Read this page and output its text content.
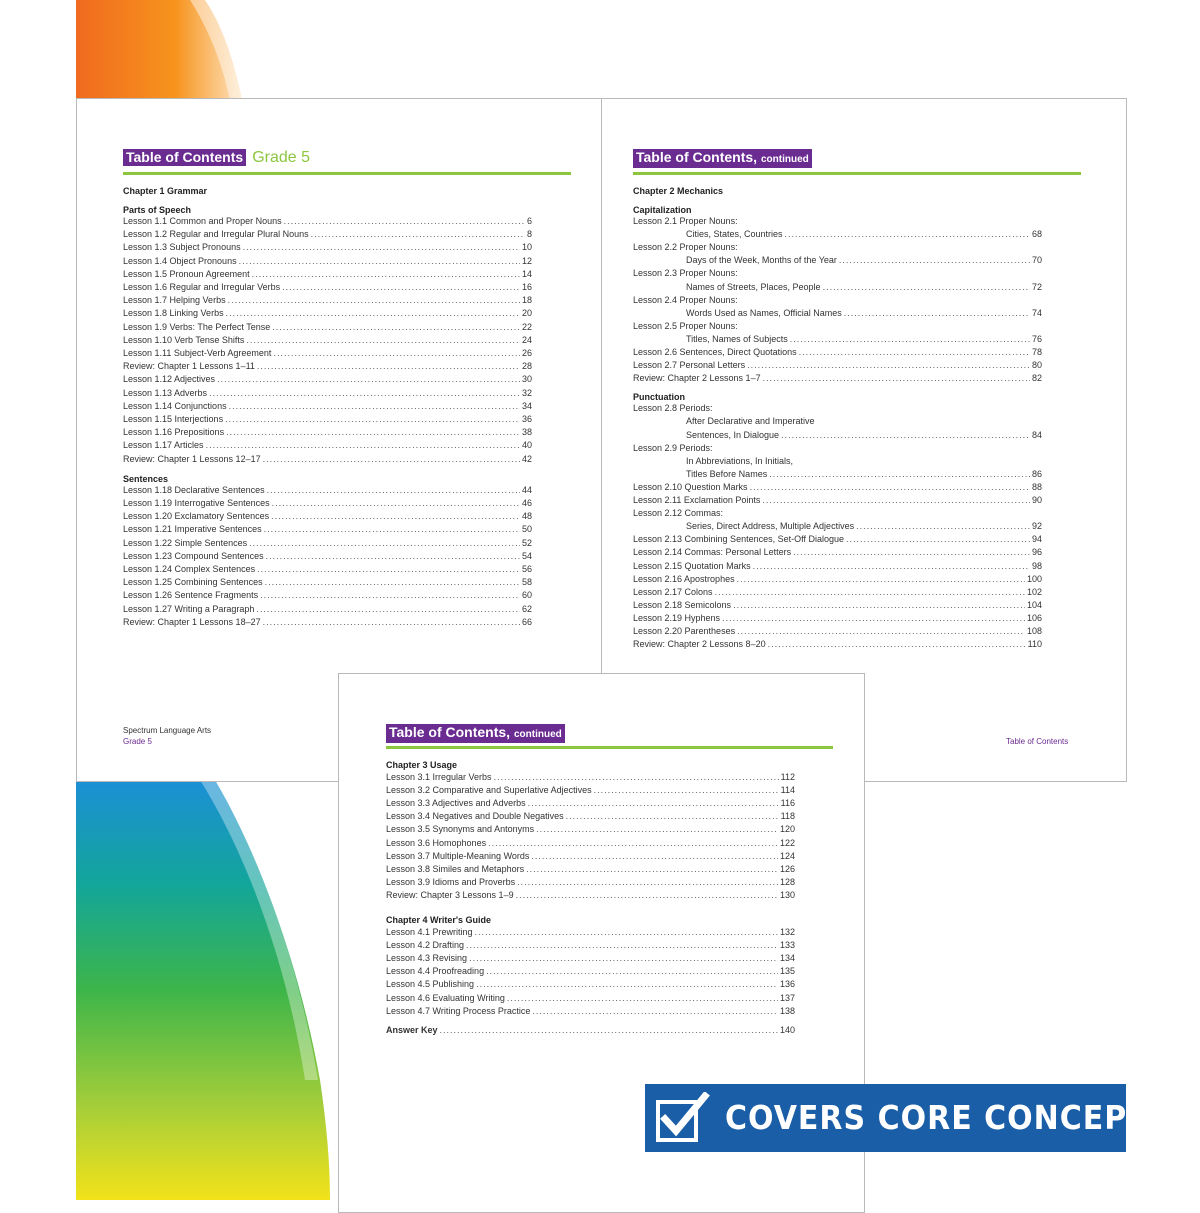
Table of Contents Grade 5
Chapter 1 Grammar
Parts of Speech
Lesson 1.1 Common and Proper Nouns .....	6
Lesson 1.2 Regular and Irregular Plural Nouns .....	8
Lesson 1.3 Subject Pronouns .....	10
Lesson 1.4 Object Pronouns .....	12
Lesson 1.5 Pronoun Agreement .....	14
Lesson 1.6 Regular and Irregular Verbs .....	16
Lesson 1.7 Helping Verbs .....	18
Lesson 1.8 Linking Verbs .....	20
Lesson 1.9 Verbs: The Perfect Tense .....	22
Lesson 1.10 Verb Tense Shifts .....	24
Lesson 1.11 Subject-Verb Agreement .....	26
Review: Chapter 1 Lessons 1–11 .....	28
Lesson 1.12 Adjectives .....	30
Lesson 1.13 Adverbs .....	32
Lesson 1.14 Conjunctions .....	34
Lesson 1.15 Interjections .....	36
Lesson 1.16 Prepositions .....	38
Lesson 1.17 Articles .....	40
Review: Chapter 1 Lessons 12–17 .....	42
Sentences
Lesson 1.18 Declarative Sentences .....	44
Lesson 1.19 Interrogative Sentences .....	46
Lesson 1.20 Exclamatory Sentences .....	48
Lesson 1.21 Imperative Sentences .....	50
Lesson 1.22 Simple Sentences .....	52
Lesson 1.23 Compound Sentences .....	54
Lesson 1.24 Complex Sentences .....	56
Lesson 1.25 Combining Sentences .....	58
Lesson 1.26 Sentence Fragments .....	60
Lesson 1.27 Writing a Paragraph .....	62
Review: Chapter 1 Lessons 18–27 .....	66
Spectrum Language Arts
Grade 5
Table of Contents, continued
Chapter 2 Mechanics
Capitalization
Lesson 2.1 Proper Nouns:
Cities, States, Countries .....	68
Lesson 2.2 Proper Nouns:
Days of the Week, Months of the Year .....	70
Lesson 2.3 Proper Nouns:
Names of Streets, Places, People .....	72
Lesson 2.4 Proper Nouns:
Words Used as Names, Official Names .....	74
Lesson 2.5 Proper Nouns:
Titles, Names of Subjects .....	76
Lesson 2.6 Sentences, Direct Quotations .....	78
Lesson 2.7 Personal Letters .....	80
Review: Chapter 2 Lessons 1–7 .....	82
Punctuation
Lesson 2.8 Periods:
After Declarative and Imperative
Sentences, In Dialogue .....	84
Lesson 2.9 Periods:
In Abbreviations, In Initials,
Titles Before Names .....	86
Lesson 2.10 Question Marks .....	88
Lesson 2.11 Exclamation Points .....	90
Lesson 2.12 Commas:
Series, Direct Address, Multiple Adjectives .....	92
Lesson 2.13 Combining Sentences, Set-Off Dialogue .....	94
Lesson 2.14 Commas: Personal Letters .....	96
Lesson 2.15 Quotation Marks .....	98
Lesson 2.16 Apostrophes .....	100
Lesson 2.17 Colons .....	102
Lesson 2.18 Semicolons .....	104
Lesson 2.19 Hyphens .....	106
Lesson 2.20 Parentheses .....	108
Review: Chapter 2 Lessons 8–20 .....	110
Table of Contents
Table of Contents, continued
Chapter 3 Usage
Lesson 3.1 Irregular Verbs .....	112
Lesson 3.2 Comparative and Superlative Adjectives .....	114
Lesson 3.3 Adjectives and Adverbs .....	116
Lesson 3.4 Negatives and Double Negatives .....	118
Lesson 3.5 Synonyms and Antonyms .....	120
Lesson 3.6 Homophones .....	122
Lesson 3.7 Multiple-Meaning Words .....	124
Lesson 3.8 Similes and Metaphors .....	126
Lesson 3.9 Idioms and Proverbs .....	128
Review: Chapter 3 Lessons 1–9 .....	130
Chapter 4 Writer's Guide
Lesson 4.1 Prewriting .....	132
Lesson 4.2 Drafting .....	133
Lesson 4.3 Revising .....	134
Lesson 4.4 Proofreading .....	135
Lesson 4.5 Publishing .....	136
Lesson 4.6 Evaluating Writing .....	137
Lesson 4.7 Writing Process Practice .....	138
Answer Key .....	140
COVERS CORE CONCEPTS
